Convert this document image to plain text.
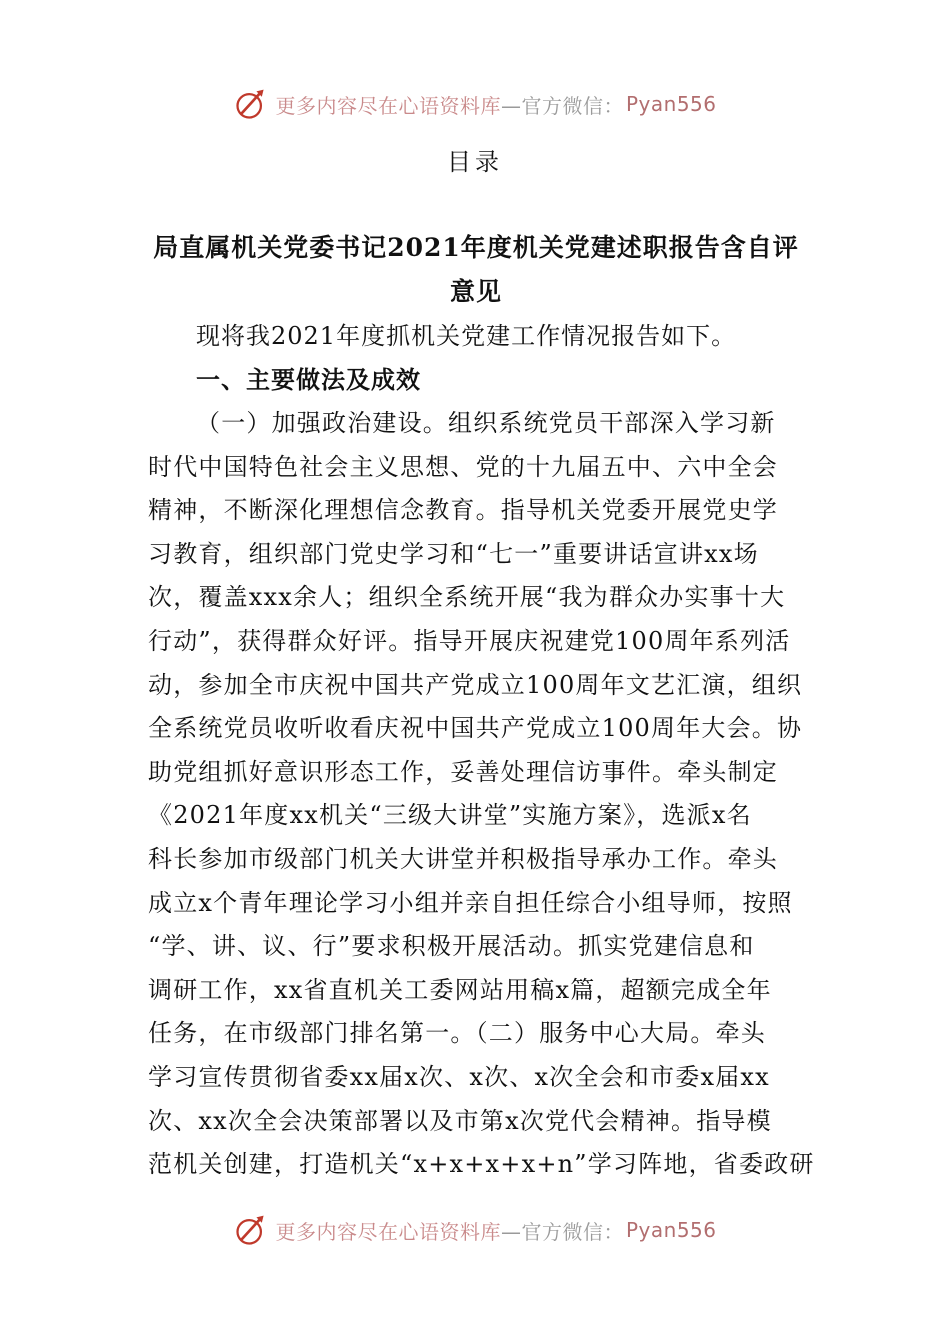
更多内容尽在心语资料库 —官方微信： Pyan556
目录
局直属机关党委书记2021年度机关党建述职报告含自评意见
现将我2021年度抓机关党建工作情况报告如下。
一、主要做法及成效
（一）加强政治建设。组织系统党员干部深入学习新
时代中国特色社会主义思想、党的十九届五中、六中全会
精神，不断深化理想信念教育。指导机关党委开展党史学
习教育，组织部门党史学习和“七一”重要讲话宣讲xx场
次，覆盖xxx余人；组织全系统开展“我为群众办实事十大
行动”，获得群众好评。指导开展庆祝建党100周年系列活
动，参加全市庆祝中国共产党成立100周年文艺汇演，组织
全系统党员收听收看庆祝中国共产党成立100周年大会。协
助党组抓好意识形态工作，妥善处理信访事件。牵头制定
《2021年度xx机关“三级大讲堂”实施方案》，选派x名
科长参加市级部门机关大讲堂并积极指导承办工作。牵头
成立x个青年理论学习小组并亲自担任综合小组导师，按照
“学、讲、议、行”要求积极开展活动。抓实党建信息和
调研工作，xx省直机关工委网站用稿x篇，超额完成全年
任务，在市级部门排名第一。（二）服务中心大局。牵头
学习宣传贯彻省委xx届x次、x次、x次全会和市委x届xx
次、xx次全会决策部署以及市第x次党代会精神。指导模
范机关创建，打造机关“x+x+x+x+n”学习阵地，省委政研
更多内容尽在心语资料库 —官方微信： Pyan556
